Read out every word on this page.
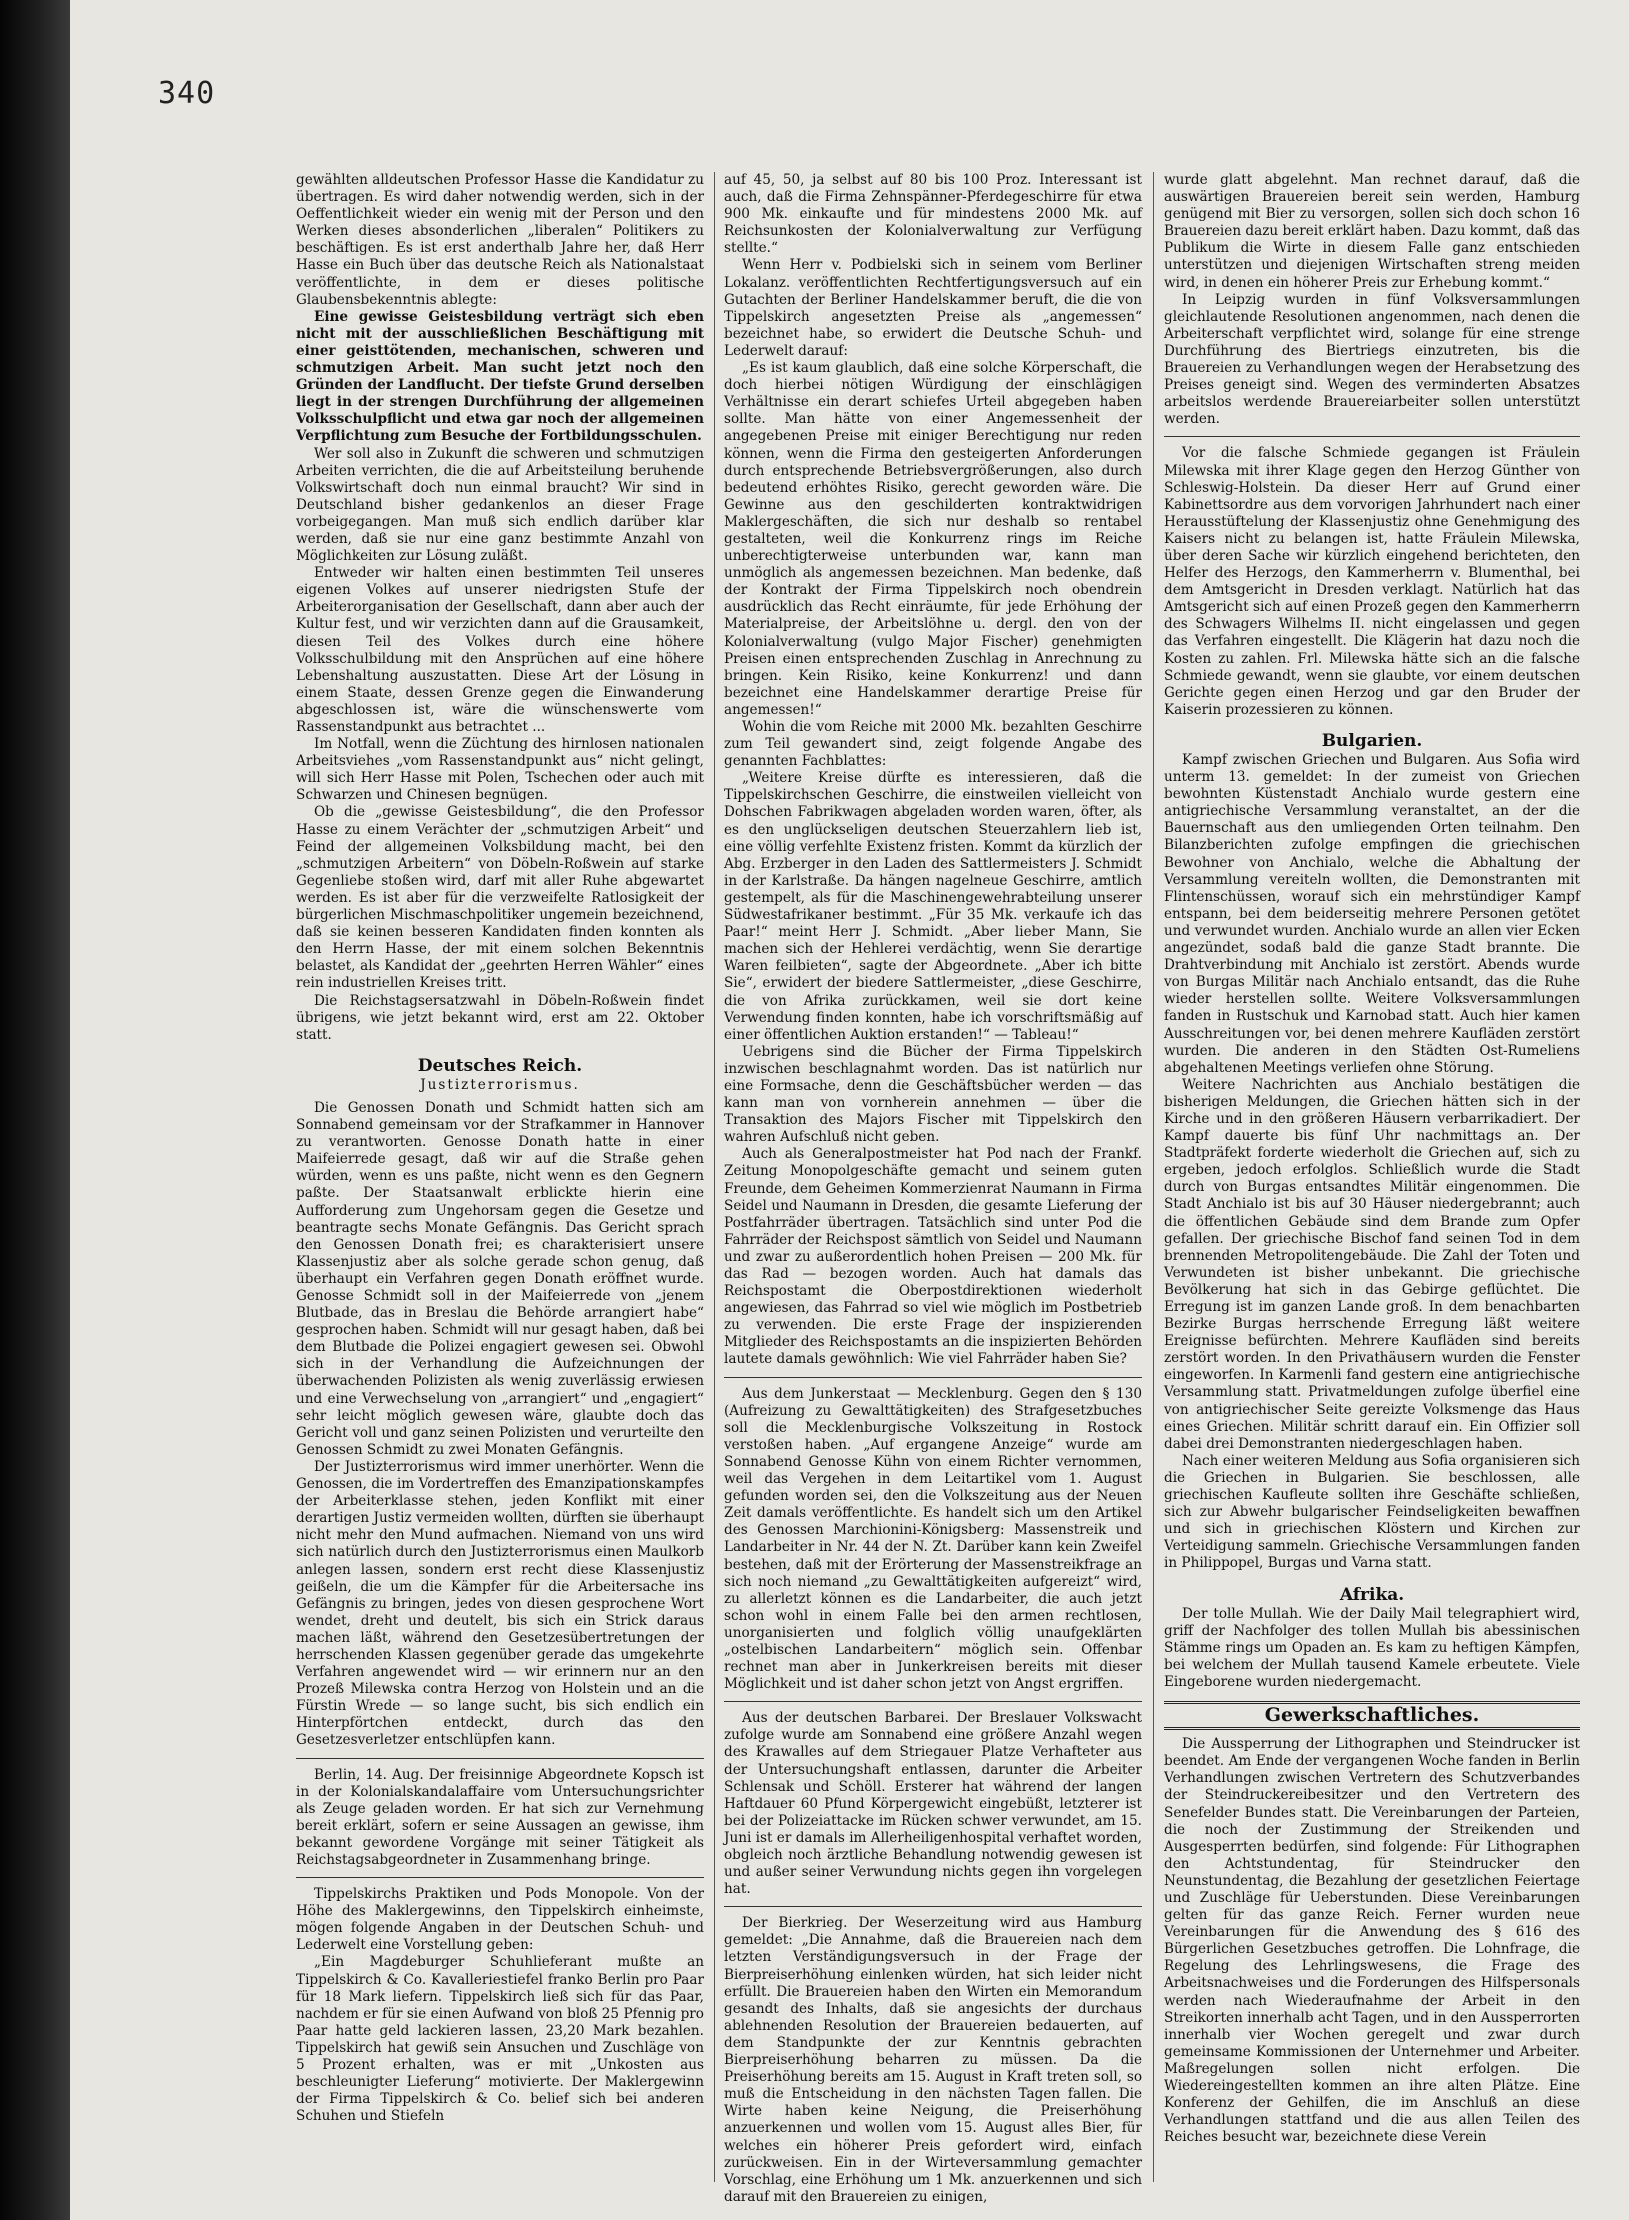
340

gewählten alldeutschen Professor Hasse die Kandidatur zu übertragen. Es wird daher notwendig werden, sich in der Oeffentlichkeit wieder ein wenig mit der Person und den Werken dieses absonderlichen „liberalen“ Politikers zu beschäftigen. Es ist erst anderthalb Jahre her, daß Herr Hasse ein Buch über das deutsche Reich als Nationalstaat veröffentlichte, in dem er dieses politische Glaubensbekenntnis ablegte:

Eine gewisse Geistesbildung verträgt sich eben nicht mit der ausschließlichen Beschäftigung mit einer geisttötenden, mechanischen, schweren und schmutzigen Arbeit. Man sucht jetzt noch den Gründen der Landflucht. Der tiefste Grund derselben liegt in der strengen Durchführung der allgemeinen Volksschulpflicht und etwa gar noch der allgemeinen Verpflichtung zum Besuche der Fortbildungsschulen.

Wer soll also in Zukunft die schweren und schmutzigen Arbeiten verrichten, die die auf Arbeitsteilung beruhende Volkswirtschaft doch nun einmal braucht? Wir sind in Deutschland bisher gedankenlos an dieser Frage vorbeigegangen. Man muß sich endlich darüber klar werden, daß sie nur eine ganz bestimmte Anzahl von Möglichkeiten zur Lösung zuläßt.

Entweder wir halten einen bestimmten Teil unseres eigenen Volkes auf unserer niedrigsten Stufe der Arbeiterorganisation der Gesellschaft, dann aber auch der Kultur fest, und wir verzichten dann auf die Grausamkeit, diesen Teil des Volkes durch eine höhere Volksschulbildung mit den Ansprüchen auf eine höhere Lebenshaltung auszustatten. Diese Art der Lösung in einem Staate, dessen Grenze gegen die Einwanderung abgeschlossen ist, wäre die wünschenswerte vom Rassenstandpunkt aus betrachtet ...

Im Notfall, wenn die Züchtung des hirnlosen nationalen Arbeitsviehes „vom Rassenstandpunkt aus“ nicht gelingt, will sich Herr Hasse mit Polen, Tschechen oder auch mit Schwarzen und Chinesen begnügen.

Ob die „gewisse Geistesbildung“, die den Professor Hasse zu einem Verächter der „schmutzigen Arbeit“ und Feind der allgemeinen Volksbildung macht, bei den „schmutzigen Arbeitern“ von Döbeln-Roßwein auf starke Gegenliebe stoßen wird, darf mit aller Ruhe abgewartet werden. Es ist aber für die verzweifelte Ratlosigkeit der bürgerlichen Mischmaschpolitiker ungemein bezeichnend, daß sie keinen besseren Kandidaten finden konnten als den Herrn Hasse, der mit einem solchen Bekenntnis belastet, als Kandidat der „geehrten Herren Wähler“ eines rein industriellen Kreises tritt.

Die Reichstagsersatzwahl in Döbeln-Roßwein findet übrigens, wie jetzt bekannt wird, erst am 22. Oktober statt.

Deutsches Reich.

Justizterrorismus.

Die Genossen Donath und Schmidt hatten sich am Sonnabend gemeinsam vor der Strafkammer in Hannover zu verantworten. Genosse Donath hatte in einer Maifeierrede gesagt, daß wir auf die Straße gehen würden, wenn es uns paßte, nicht wenn es den Gegnern paßte. Der Staatsanwalt erblickte hierin eine Aufforderung zum Ungehorsam gegen die Gesetze und beantragte sechs Monate Gefängnis. Das Gericht sprach den Genossen Donath frei; es charakterisiert unsere Klassenjustiz aber als solche gerade schon genug, daß überhaupt ein Verfahren gegen Donath eröffnet wurde. Genosse Schmidt soll in der Maifeierrede von „jenem Blutbade, das in Breslau die Behörde arrangiert habe“ gesprochen haben. Schmidt will nur gesagt haben, daß bei dem Blutbade die Polizei engagiert gewesen sei. Obwohl sich in der Verhandlung die Aufzeichnungen der überwachenden Polizisten als wenig zuverlässig erwiesen und eine Verwechselung von „arrangiert“ und „engagiert“ sehr leicht möglich gewesen wäre, glaubte doch das Gericht voll und ganz seinen Polizisten und verurteilte den Genossen Schmidt zu zwei Monaten Gefängnis.

Der Justizterrorismus wird immer unerhörter. Wenn die Genossen, die im Vordertreffen des Emanzipationskampfes der Arbeiterklasse stehen, jeden Konflikt mit einer derartigen Justiz vermeiden wollten, dürften sie überhaupt nicht mehr den Mund aufmachen. Niemand von uns wird sich natürlich durch den Justizterrorismus einen Maulkorb anlegen lassen, sondern erst recht diese Klassenjustiz geißeln, die um die Kämpfer für die Arbeitersache ins Gefängnis zu bringen, jedes von diesen gesprochene Wort wendet, dreht und deutelt, bis sich ein Strick daraus machen läßt, während den Gesetzesübertretungen der herrschenden Klassen gegenüber gerade das umgekehrte Verfahren angewendet wird — wir erinnern nur an den Prozeß Milewska contra Herzog von Holstein und an die Fürstin Wrede — so lange sucht, bis sich endlich ein Hinterpförtchen entdeckt, durch das den Gesetzesverletzer entschlüpfen kann.

Berlin, 14. Aug. Der freisinnige Abgeordnete Kopsch ist in der Kolonialskandalaffaire vom Untersuchungsrichter als Zeuge geladen worden. Er hat sich zur Vernehmung bereit erklärt, sofern er seine Aussagen an gewisse, ihm bekannt gewordene Vorgänge mit seiner Tätigkeit als Reichstagsabgeordneter in Zusammenhang bringe.

Tippelskirchs Praktiken und Pods Monopole. Von der Höhe des Maklergewinns, den Tippelskirch einheimste, mögen folgende Angaben in der Deutschen Schuh- und Lederwelt eine Vorstellung geben:

„Ein Magdeburger Schuhlieferant mußte an Tippelskirch & Co. Kavalleriestiefel franko Berlin pro Paar für 18 Mark liefern. Tippelskirch ließ sich für das Paar, nachdem er für sie einen Aufwand von bloß 25 Pfennig pro Paar hatte geld lackieren lassen, 23,20 Mark bezahlen. Tippelskirch hat gewiß sein Ansuchen und Zuschläge von 5 Prozent erhalten, was er mit „Unkosten aus beschleunigter Lieferung“ motivierte. Der Maklergewinn der Firma Tippelskirch & Co. belief sich bei anderen Schuhen und Stiefeln

auf 45, 50, ja selbst auf 80 bis 100 Proz. Interessant ist auch, daß die Firma Zehnspänner-Pferdegeschirre für etwa 900 Mk. einkaufte und für mindestens 2000 Mk. auf Reichsunkosten der Kolonialverwaltung zur Verfügung stellte.“

Wenn Herr v. Podbielski sich in seinem vom Berliner Lokalanz. veröffentlichten Rechtfertigungsversuch auf ein Gutachten der Berliner Handelskammer beruft, die die von Tippelskirch angesetzten Preise als „angemessen“ bezeichnet habe, so erwidert die Deutsche Schuh- und Lederwelt darauf:

„Es ist kaum glaublich, daß eine solche Körperschaft, die doch hierbei nötigen Würdigung der einschlägigen Verhältnisse ein derart schiefes Urteil abgegeben haben sollte. Man hätte von einer Angemessenheit der angegebenen Preise mit einiger Berechtigung nur reden können, wenn die Firma den gesteigerten Anforderungen durch entsprechende Betriebsvergrößerungen, also durch bedeutend erhöhtes Risiko, gerecht geworden wäre. Die Gewinne aus den geschilderten kontraktwidrigen Maklergeschäften, die sich nur deshalb so rentabel gestalteten, weil die Konkurrenz rings im Reiche unberechtigterweise unterbunden war, kann man unmöglich als angemessen bezeichnen. Man bedenke, daß der Kontrakt der Firma Tippelskirch noch obendrein ausdrücklich das Recht einräumte, für jede Erhöhung der Materialpreise, der Arbeitslöhne u. dergl. den von der Kolonialverwaltung (vulgo Major Fischer) genehmigten Preisen einen entsprechenden Zuschlag in Anrechnung zu bringen. Kein Risiko, keine Konkurrenz! und dann bezeichnet eine Handelskammer derartige Preise für angemessen!“

Wohin die vom Reiche mit 2000 Mk. bezahlten Geschirre zum Teil gewandert sind, zeigt folgende Angabe des genannten Fachblattes:

„Weitere Kreise dürfte es interessieren, daß die Tippelskirchschen Geschirre, die einstweilen vielleicht von Dohschen Fabrikwagen abgeladen worden waren, öfter, als es den unglückseligen deutschen Steuerzahlern lieb ist, eine völlig verfehlte Existenz fristen. Kommt da kürzlich der Abg. Erzberger in den Laden des Sattlermeisters J. Schmidt in der Karlstraße. Da hängen nagelneue Geschirre, amtlich gestempelt, als für die Maschinengewehrabteilung unserer Südwestafrikaner bestimmt. „Für 35 Mk. verkaufe ich das Paar!“ meint Herr J. Schmidt. „Aber lieber Mann, Sie machen sich der Hehlerei verdächtig, wenn Sie derartige Waren feilbieten“, sagte der Abgeordnete. „Aber ich bitte Sie“, erwidert der biedere Sattlermeister, „diese Geschirre, die von Afrika zurückkamen, weil sie dort keine Verwendung finden konnten, habe ich vorschriftsmäßig auf einer öffentlichen Auktion erstanden!“ — Tableau!“

Uebrigens sind die Bücher der Firma Tippelskirch inzwischen beschlagnahmt worden. Das ist natürlich nur eine Formsache, denn die Geschäftsbücher werden — das kann man von vornherein annehmen — über die Transaktion des Majors Fischer mit Tippelskirch den wahren Aufschluß nicht geben.

Auch als Generalpostmeister hat Pod nach der Frankf. Zeitung Monopolgeschäfte gemacht und seinem guten Freunde, dem Geheimen Kommerzienrat Naumann in Firma Seidel und Naumann in Dresden, die gesamte Lieferung der Postfahrräder übertragen. Tatsächlich sind unter Pod die Fahrräder der Reichspost sämtlich von Seidel und Naumann und zwar zu außerordentlich hohen Preisen — 200 Mk. für das Rad — bezogen worden. Auch hat damals das Reichspostamt die Oberpostdirektionen wiederholt angewiesen, das Fahrrad so viel wie möglich im Postbetrieb zu verwenden. Die erste Frage der inspizierenden Mitglieder des Reichspostamts an die inspizierten Behörden lautete damals gewöhnlich: Wie viel Fahrräder haben Sie?

Aus dem Junkerstaat — Mecklenburg. Gegen den § 130 (Aufreizung zu Gewalttätigkeiten) des Strafgesetzbuches soll die Mecklenburgische Volkszeitung in Rostock verstoßen haben. „Auf ergangene Anzeige“ wurde am Sonnabend Genosse Kühn von einem Richter vernommen, weil das Vergehen in dem Leitartikel vom 1. August gefunden worden sei, den die Volkszeitung aus der Neuen Zeit damals veröffentlichte. Es handelt sich um den Artikel des Genossen Marchionini-Königsberg: Massenstreik und Landarbeiter in Nr. 44 der N. Zt. Darüber kann kein Zweifel bestehen, daß mit der Erörterung der Massenstreikfrage an sich noch niemand „zu Gewalttätigkeiten aufgereizt“ wird, zu allerletzt können es die Landarbeiter, die auch jetzt schon wohl in einem Falle bei den armen rechtlosen, unorganisierten und folglich völlig unaufgeklärten „ostelbischen Landarbeitern“ möglich sein. Offenbar rechnet man aber in Junkerkreisen bereits mit dieser Möglichkeit und ist daher schon jetzt von Angst ergriffen.

Aus der deutschen Barbarei. Der Breslauer Volkswacht zufolge wurde am Sonnabend eine größere Anzahl wegen des Krawalles auf dem Striegauer Platze Verhafteter aus der Untersuchungshaft entlassen, darunter die Arbeiter Schlensak und Schöll. Ersterer hat während der langen Haftdauer 60 Pfund Körpergewicht eingebüßt, letzterer ist bei der Polizeiattacke im Rücken schwer verwundet, am 15. Juni ist er damals im Allerheiligenhospital verhaftet worden, obgleich noch ärztliche Behandlung notwendig gewesen ist und außer seiner Verwundung nichts gegen ihn vorgelegen hat.

Der Bierkrieg. Der Weserzeitung wird aus Hamburg gemeldet: „Die Annahme, daß die Brauereien nach dem letzten Verständigungsversuch in der Frage der Bierpreiserhöhung einlenken würden, hat sich leider nicht erfüllt. Die Brauereien haben den Wirten ein Memorandum gesandt des Inhalts, daß sie angesichts der durchaus ablehnenden Resolution der Brauereien bedauerten, auf dem Standpunkte der zur Kenntnis gebrachten Bierpreiserhöhung beharren zu müssen. Da die Preiserhöhung bereits am 15. August in Kraft treten soll, so muß die Entscheidung in den nächsten Tagen fallen. Die Wirte haben keine Neigung, die Preiserhöhung anzuerkennen und wollen vom 15. August alles Bier, für welches ein höherer Preis gefordert wird, einfach zurückweisen. Ein in der Wirteversammlung gemachter Vorschlag, eine Erhöhung um 1 Mk. anzuerkennen und sich darauf mit den Brauereien zu einigen,

wurde glatt abgelehnt. Man rechnet darauf, daß die auswärtigen Brauereien bereit sein werden, Hamburg genügend mit Bier zu versorgen, sollen sich doch schon 16 Brauereien dazu bereit erklärt haben. Dazu kommt, daß das Publikum die Wirte in diesem Falle ganz entschieden unterstützen und diejenigen Wirtschaften streng meiden wird, in denen ein höherer Preis zur Erhebung kommt.“

In Leipzig wurden in fünf Volksversammlungen gleichlautende Resolutionen angenommen, nach denen die Arbeiterschaft verpflichtet wird, solange für eine strenge Durchführung des Biertriegs einzutreten, bis die Brauereien zu Verhandlungen wegen der Herabsetzung des Preises geneigt sind. Wegen des verminderten Absatzes arbeitslos werdende Brauereiarbeiter sollen unterstützt werden.

Vor die falsche Schmiede gegangen ist Fräulein Milewska mit ihrer Klage gegen den Herzog Günther von Schleswig-Holstein. Da dieser Herr auf Grund einer Kabinettsordre aus dem vorvorigen Jahrhundert nach einer Herausstüftelung der Klassenjustiz ohne Genehmigung des Kaisers nicht zu belangen ist, hatte Fräulein Milewska, über deren Sache wir kürzlich eingehend berichteten, den Helfer des Herzogs, den Kammerherrn v. Blumenthal, bei dem Amtsgericht in Dresden verklagt. Natürlich hat das Amtsgericht sich auf einen Prozeß gegen den Kammerherrn des Schwagers Wilhelms II. nicht eingelassen und gegen das Verfahren eingestellt. Die Klägerin hat dazu noch die Kosten zu zahlen. Frl. Milewska hätte sich an die falsche Schmiede gewandt, wenn sie glaubte, vor einem deutschen Gerichte gegen einen Herzog und gar den Bruder der Kaiserin prozessieren zu können.

Bulgarien.

Kampf zwischen Griechen und Bulgaren. Aus Sofia wird unterm 13. gemeldet: In der zumeist von Griechen bewohnten Küstenstadt Anchialo wurde gestern eine antigriechische Versammlung veranstaltet, an der die Bauernschaft aus den umliegenden Orten teilnahm. Den Bilanzberichten zufolge empfingen die griechischen Bewohner von Anchialo, welche die Abhaltung der Versammlung vereiteln wollten, die Demonstranten mit Flintenschüssen, worauf sich ein mehrstündiger Kampf entspann, bei dem beiderseitig mehrere Personen getötet und verwundet wurden. Anchialo wurde an allen vier Ecken angezündet, sodaß bald die ganze Stadt brannte. Die Drahtverbindung mit Anchialo ist zerstört. Abends wurde von Burgas Militär nach Anchialo entsandt, das die Ruhe wieder herstellen sollte. Weitere Volksversammlungen fanden in Rustschuk und Karnobad statt. Auch hier kamen Ausschreitungen vor, bei denen mehrere Kaufläden zerstört wurden. Die anderen in den Städten Ost-Rumeliens abgehaltenen Meetings verliefen ohne Störung.

Weitere Nachrichten aus Anchialo bestätigen die bisherigen Meldungen, die Griechen hätten sich in der Kirche und in den größeren Häusern verbarrikadiert. Der Kampf dauerte bis fünf Uhr nachmittags an. Der Stadtpräfekt forderte wiederholt die Griechen auf, sich zu ergeben, jedoch erfolglos. Schließlich wurde die Stadt durch von Burgas entsandtes Militär eingenommen. Die Stadt Anchialo ist bis auf 30 Häuser niedergebrannt; auch die öffentlichen Gebäude sind dem Brande zum Opfer gefallen. Der griechische Bischof fand seinen Tod in dem brennenden Metropolitengebäude. Die Zahl der Toten und Verwundeten ist bisher unbekannt. Die griechische Bevölkerung hat sich in das Gebirge geflüchtet. Die Erregung ist im ganzen Lande groß. In dem benachbarten Bezirke Burgas herrschende Erregung läßt weitere Ereignisse befürchten. Mehrere Kaufläden sind bereits zerstört worden. In den Privathäusern wurden die Fenster eingeworfen. In Karmenli fand gestern eine antigriechische Versammlung statt. Privatmeldungen zufolge überfiel eine von antigriechischer Seite gereizte Volksmenge das Haus eines Griechen. Militär schritt darauf ein. Ein Offizier soll dabei drei Demonstranten niedergeschlagen haben.

Nach einer weiteren Meldung aus Sofia organisieren sich die Griechen in Bulgarien. Sie beschlossen, alle griechischen Kaufleute sollten ihre Geschäfte schließen, sich zur Abwehr bulgarischer Feindseligkeiten bewaffnen und sich in griechischen Klöstern und Kirchen zur Verteidigung sammeln. Griechische Versammlungen fanden in Philippopel, Burgas und Varna statt.

Afrika.

Der tolle Mullah. Wie der Daily Mail telegraphiert wird, griff der Nachfolger des tollen Mullah bis abessinischen Stämme rings um Opaden an. Es kam zu heftigen Kämpfen, bei welchem der Mullah tausend Kamele erbeutete. Viele Eingeborene wurden niedergemacht.

Gewerkschaftliches.

Die Aussperrung der Lithographen und Steindrucker ist beendet. Am Ende der vergangenen Woche fanden in Berlin Verhandlungen zwischen Vertretern des Schutzverbandes der Steindruckereibesitzer und den Vertretern des Senefelder Bundes statt. Die Vereinbarungen der Parteien, die noch der Zustimmung der Streikenden und Ausgesperrten bedürfen, sind folgende: Für Lithographen den Achtstundentag, für Steindrucker den Neunstundentag, die Bezahlung der gesetzlichen Feiertage und Zuschläge für Ueberstunden. Diese Vereinbarungen gelten für das ganze Reich. Ferner wurden neue Vereinbarungen für die Anwendung des § 616 des Bürgerlichen Gesetzbuches getroffen. Die Lohnfrage, die Regelung des Lehrlingswesens, die Frage des Arbeitsnachweises und die Forderungen des Hilfspersonals werden nach Wiederaufnahme der Arbeit in den Streikorten innerhalb acht Tagen, und in den Aussperrorten innerhalb vier Wochen geregelt und zwar durch gemeinsame Kommissionen der Unternehmer und Arbeiter. Maßregelungen sollen nicht erfolgen. Die Wiedereingestellten kommen an ihre alten Plätze. Eine Konferenz der Gehilfen, die im Anschluß an diese Verhandlungen stattfand und die aus allen Teilen des Reiches besucht war, bezeichnete diese Verein
